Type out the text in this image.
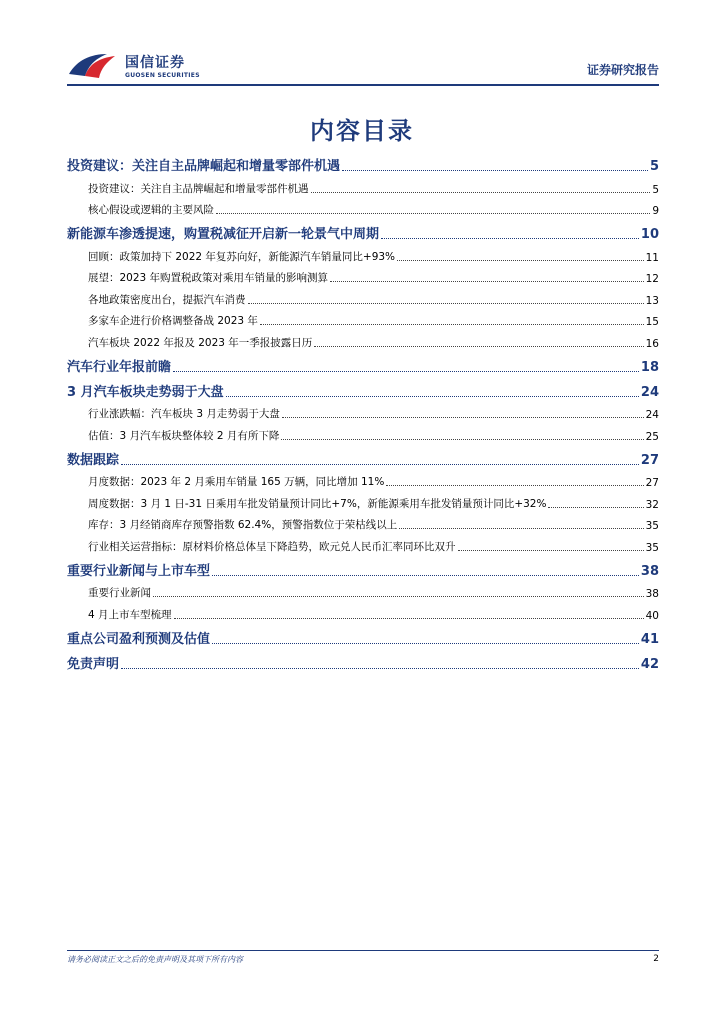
国信证券
GUOSEN SECURITIES	证券研究报告
内容目录
投资建议：关注自主品牌崛起和增量零部件机遇	5
投资建议：关注自主品牌崛起和增量零部件机遇	5
核心假设或逻辑的主要风险	9
新能源车渗透提速，购置税减征开启新一轮景气中周期	10
回顾：政策加持下 2022 年复苏向好，新能源汽车销量同比+93%	11
展望：2023 年购置税政策对乘用车销量的影响测算	12
各地政策密度出台，提振汽车消费	13
多家车企进行价格调整备战 2023 年	15
汽车板块 2022 年报及 2023 年一季报披露日历	16
汽车行业年报前瞻	18
3 月汽车板块走势弱于大盘	24
行业涨跌幅：汽车板块 3 月走势弱于大盘	24
估值：3 月汽车板块整体较 2 月有所下降	25
数据跟踪	27
月度数据：2023 年 2 月乘用车销量 165 万辆，同比增加 11%	27
周度数据：3 月 1 日-31 日乘用车批发销量预计同比+7%，新能源乘用车批发销量预计同比+32%	32
库存：3 月经销商库存预警指数 62.4%，预警指数位于荣枯线以上	35
行业相关运营指标：原材料价格总体呈下降趋势，欧元兑人民币汇率同环比双升	35
重要行业新闻与上市车型	38
重要行业新闻	38
4 月上市车型梳理	40
重点公司盈利预测及估值	41
免责声明	42
请务必阅读正文之后的免责声明及其项下所有内容	2
